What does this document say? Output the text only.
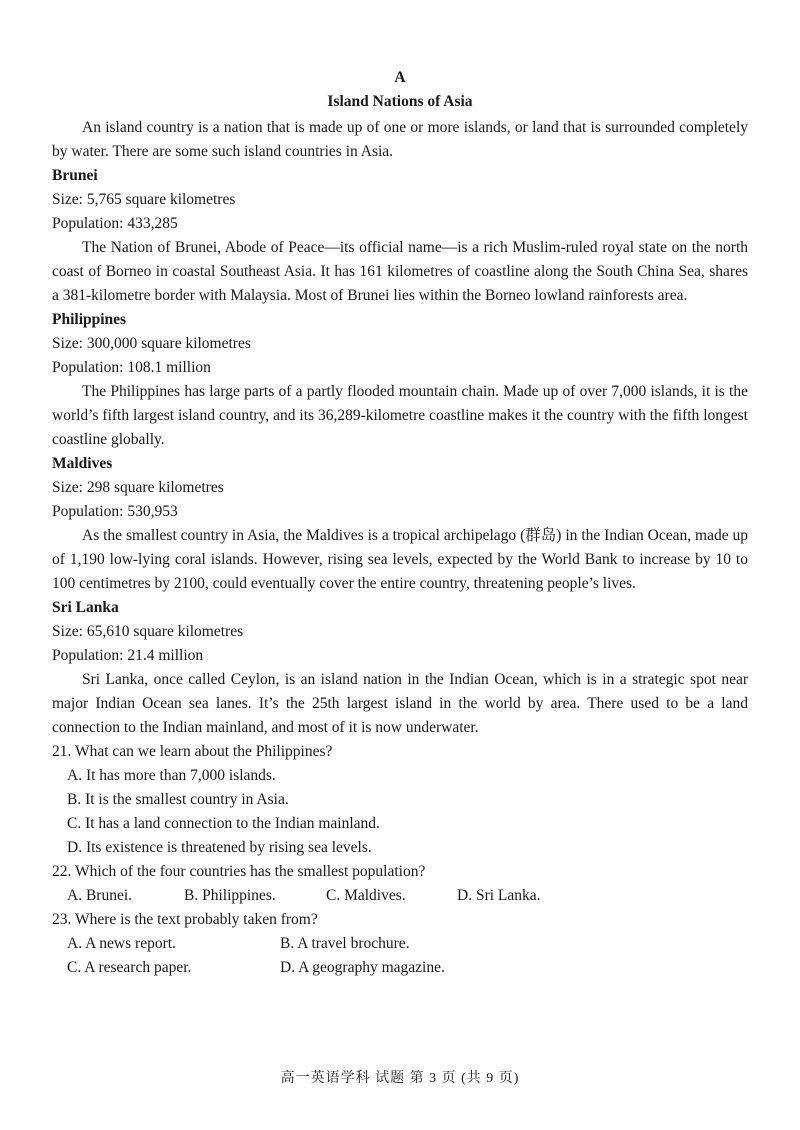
A
Island Nations of Asia

An island country is a nation that is made up of one or more islands, or land that is surrounded completely by water. There are some such island countries in Asia.

Brunei

Size: 5,765 square kilometres

Population: 433,285

The Nation of Brunei, Abode of Peace—its official name—is a rich Muslim-ruled royal state on the north coast of Borneo in coastal Southeast Asia. It has 161 kilometres of coastline along the South China Sea, shares a 381-kilometre border with Malaysia. Most of Brunei lies within the Borneo lowland rainforests area.

Philippines

Size: 300,000 square kilometres

Population: 108.1 million

The Philippines has large parts of a partly flooded mountain chain. Made up of over 7,000 islands, it is the world’s fifth largest island country, and its 36,289-kilometre coastline makes it the country with the fifth longest coastline globally.

Maldives

Size: 298 square kilometres

Population: 530,953

As the smallest country in Asia, the Maldives is a tropical archipelago (群岛) in the Indian Ocean, made up of 1,190 low-lying coral islands. However, rising sea levels, expected by the World Bank to increase by 10 to 100 centimetres by 2100, could eventually cover the entire country, threatening people’s lives.

Sri Lanka

Size: 65,610 square kilometres

Population: 21.4 million

Sri Lanka, once called Ceylon, is an island nation in the Indian Ocean, which is in a strategic spot near major Indian Ocean sea lanes. It’s the 25th largest island in the world by area. There used to be a land connection to the Indian mainland, and most of it is now underwater.

21. What can we learn about the Philippines?

A. It has more than 7,000 islands.

B. It is the smallest country in Asia.

C. It has a land connection to the Indian mainland.

D. Its existence is threatened by rising sea levels.

22. Which of the four countries has the smallest population?

A. Brunei.	B. Philippines.	C. Maldives.	D. Sri Lanka.

23. Where is the text probably taken from?

A. A news report.	B. A travel brochure.
C. A research paper.	D. A geography magazine.
高一英语学科 试题 第 3 页 (共 9 页)
